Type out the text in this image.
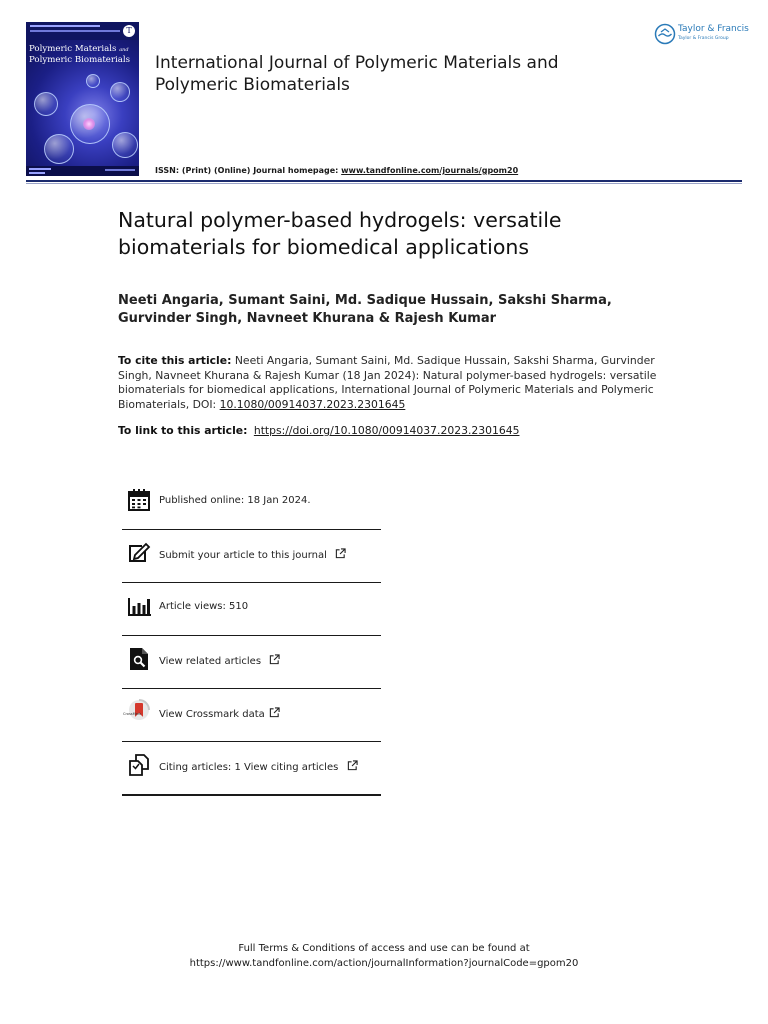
T
Polymeric Materials and
Polymeric Biomaterials	International Journal of Polymeric Materials and Polymeric Biomaterials
Taylor & Francis
Taylor & Francis Group
ISSN: (Print) (Online) Journal homepage: www.tandfonline.com/journals/gpom20
Natural polymer-based hydrogels: versatile biomaterials for biomedical applications
Neeti Angaria, Sumant Saini, Md. Sadique Hussain, Sakshi Sharma, Gurvinder Singh, Navneet Khurana & Rajesh Kumar
To cite this article: Neeti Angaria, Sumant Saini, Md. Sadique Hussain, Sakshi Sharma, Gurvinder Singh, Navneet Khurana & Rajesh Kumar (18 Jan 2024): Natural polymer-based hydrogels: versatile biomaterials for biomedical applications, International Journal of Polymeric Materials and Polymeric Biomaterials, DOI: 10.1080/00914037.2023.2301645
To link to this article: https://doi.org/10.1080/00914037.2023.2301645
Published online: 18 Jan 2024.
Submit your article to this journal
Article views: 510
View related articles
CrossMark View Crossmark data
Citing articles: 1 View citing articles
Full Terms & Conditions of access and use can be found at
https://www.tandfonline.com/action/journalInformation?journalCode=gpom20
